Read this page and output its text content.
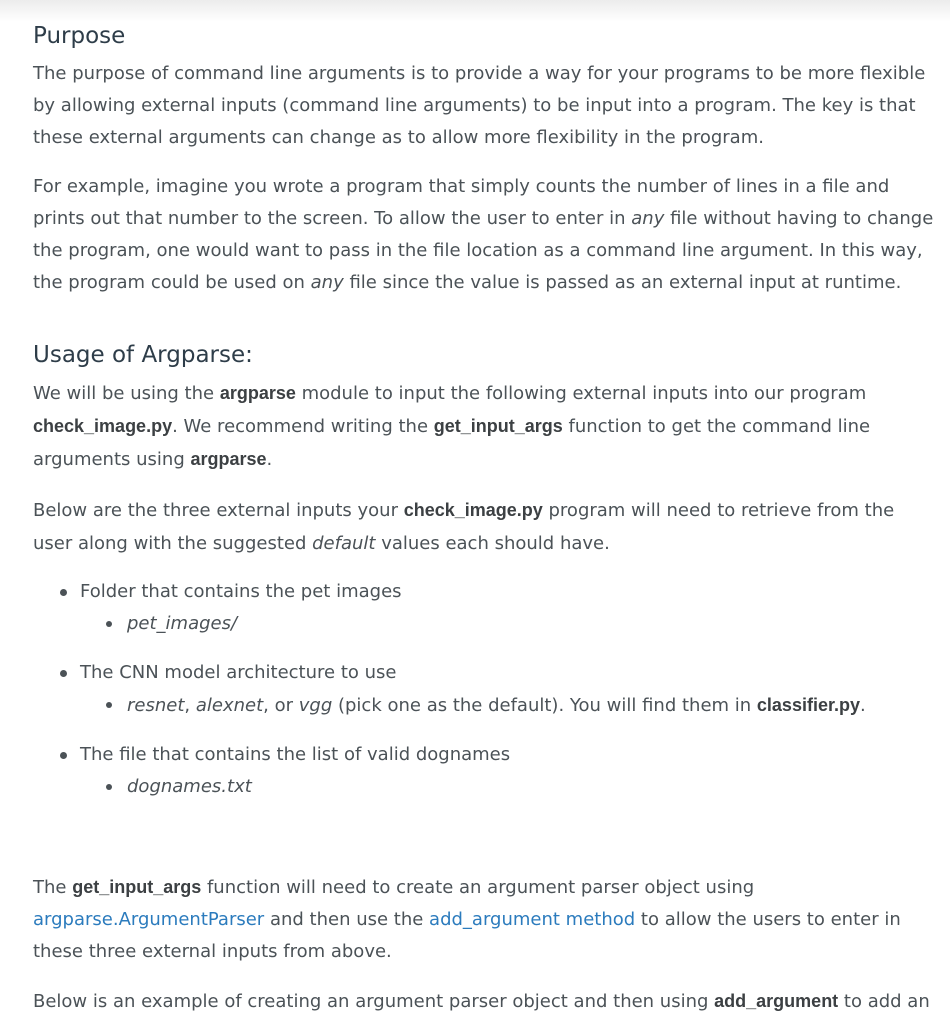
Purpose

The purpose of command line arguments is to provide a way for your programs to be more flexible by allowing external inputs (command line arguments) to be input into a program. The key is that these external arguments can change as to allow more flexibility in the program.

For example, imagine you wrote a program that simply counts the number of lines in a file and prints out that number to the screen. To allow the user to enter in any file without having to change the program, one would want to pass in the file location as a command line argument. In this way, the program could be used on any file since the value is passed as an external input at runtime.

Usage of Argparse:

We will be using the argparse module to input the following external inputs into our program check_image.py. We recommend writing the get_input_args function to get the command line arguments using argparse.

Below are the three external inputs your check_image.py program will need to retrieve from the user along with the suggested default values each should have.

Folder that contains the pet images
pet_images/
The CNN model architecture to use
resnet, alexnet, or vgg (pick one as the default). You will find them in classifier.py.
The file that contains the list of valid dognames
dognames.txt

The get_input_args function will need to create an argument parser object using argparse.ArgumentParser and then use the add_argument method to allow the users to enter in these three external inputs from above.

Below is an example of creating an argument parser object and then using add_argument to add an
